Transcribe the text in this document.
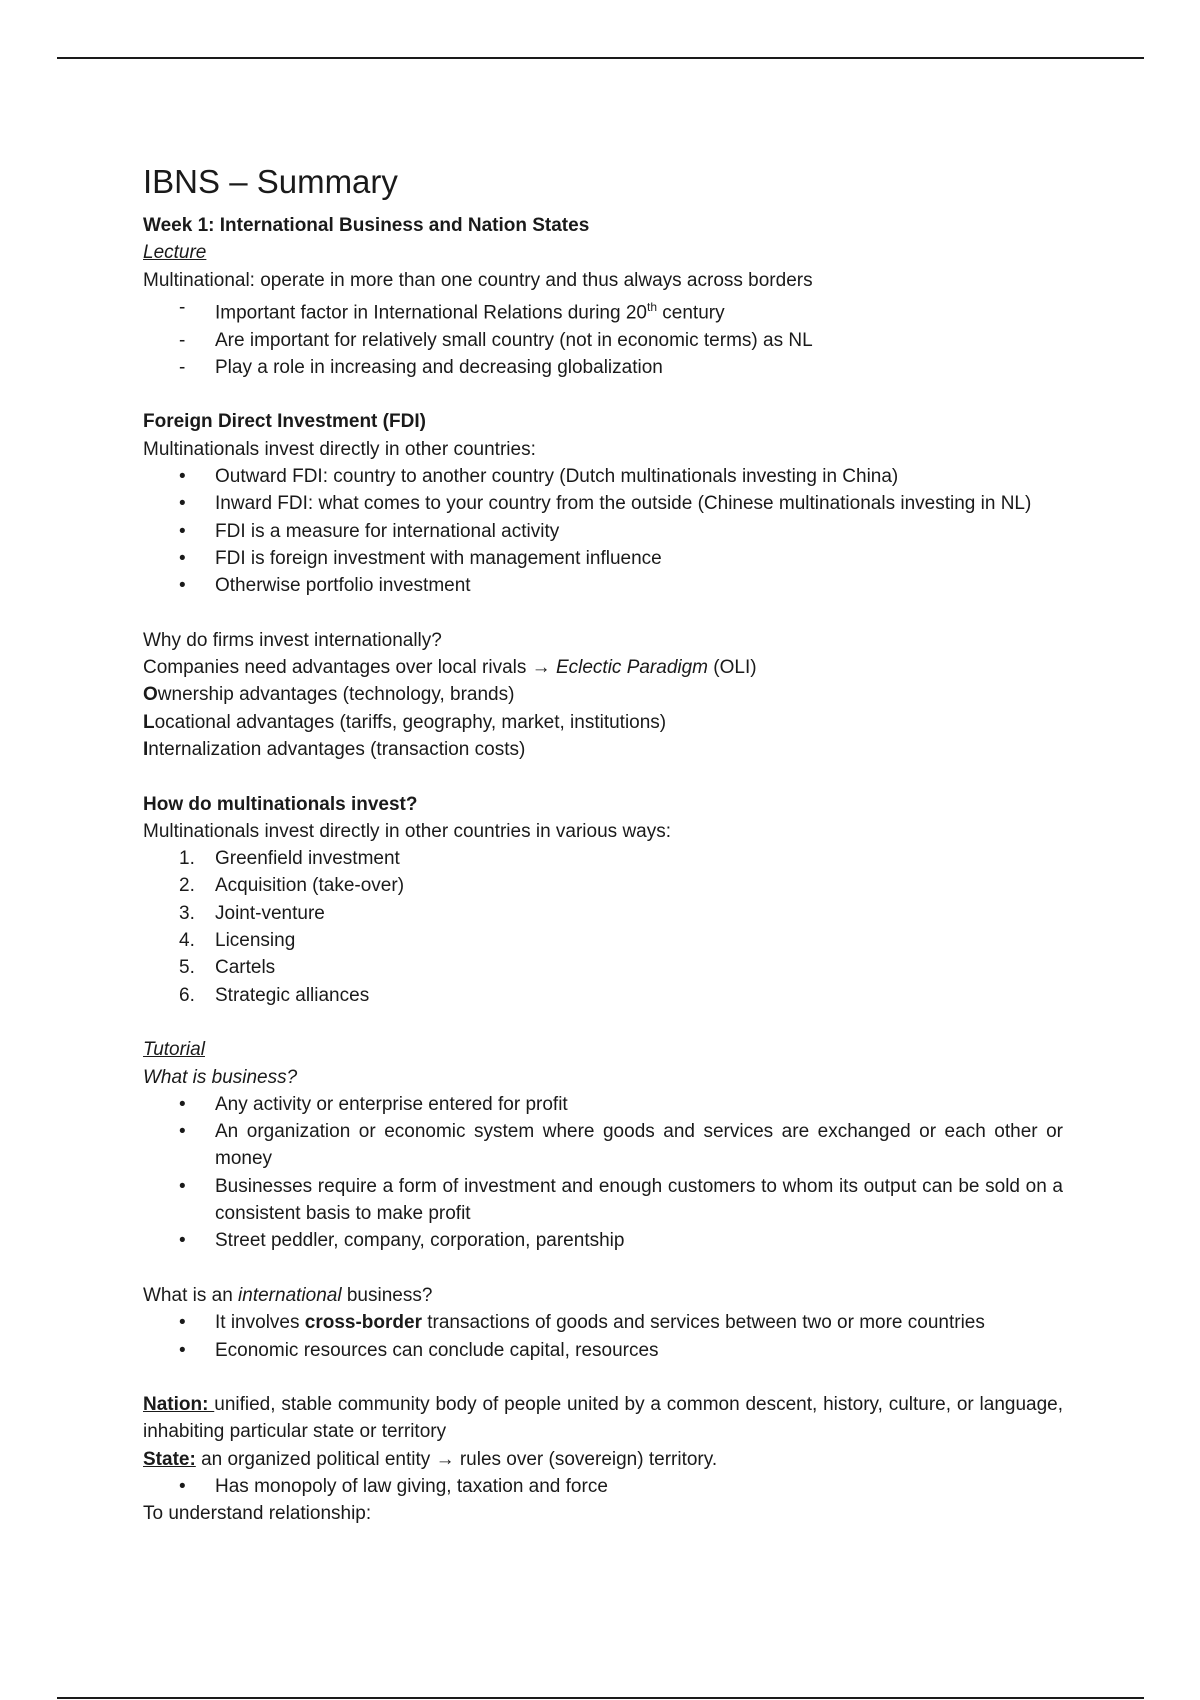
IBNS – Summary

Week 1: International Business and Nation States

Lecture

Multinational: operate in more than one country and thus always across borders

-	Important factor in International Relations during 20th century
-	Are important for relatively small country (not in economic terms) as NL
-	Play a role in increasing and decreasing globalization

Foreign Direct Investment (FDI)

Multinationals invest directly in other countries:

•	Outward FDI: country to another country (Dutch multinationals investing in China)
•	Inward FDI: what comes to your country from the outside (Chinese multinationals investing in NL)
•	FDI is a measure for international activity
•	FDI is foreign investment with management influence
•	Otherwise portfolio investment

Why do firms invest internationally?

Companies need advantages over local rivals → Eclectic Paradigm (OLI)

Ownership advantages (technology, brands)

Locational advantages (tariffs, geography, market, institutions)

Internalization advantages (transaction costs)

How do multinationals invest?

Multinationals invest directly in other countries in various ways:

1.	Greenfield investment
2.	Acquisition (take-over)
3.	Joint-venture
4.	Licensing
5.	Cartels
6.	Strategic alliances

Tutorial

What is business?

•	Any activity or enterprise entered for profit
•	An organization or economic system where goods and services are exchanged or each other or money
•	Businesses require a form of investment and enough customers to whom its output can be sold on a consistent basis to make profit
•	Street peddler, company, corporation, parentship

What is an international business?

•	It involves cross-border transactions of goods and services between two or more countries
•	Economic resources can conclude capital, resources

Nation: unified, stable community body of people united by a common descent, history, culture, or language, inhabiting particular state or territory

State: an organized political entity → rules over (sovereign) territory.

•	Has monopoly of law giving, taxation and force

To understand relationship:
